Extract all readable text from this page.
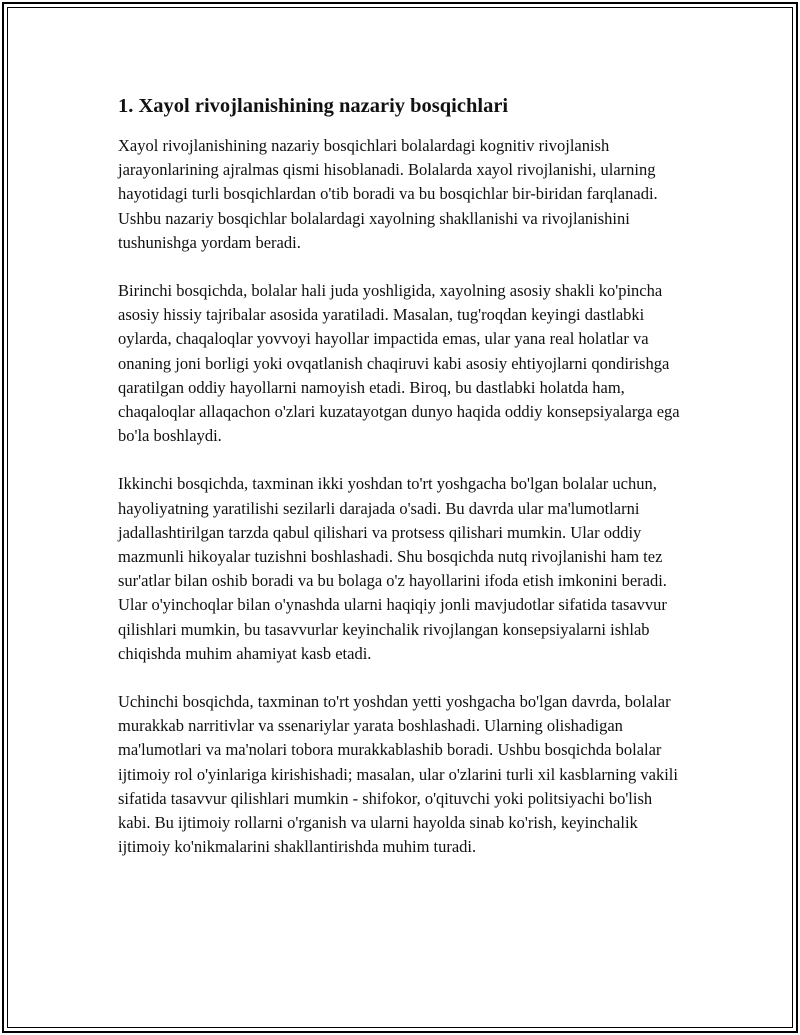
1. Xayol rivojlanishining nazariy bosqichlari

Xayol rivojlanishining nazariy bosqichlari bolalardagi kognitiv rivojlanish jarayonlarining ajralmas qismi hisoblanadi. Bolalarda xayol rivojlanishi, ularning hayotidagi turli bosqichlardan o'tib boradi va bu bosqichlar bir-biridan farqlanadi. Ushbu nazariy bosqichlar bolalardagi xayolning shakllanishi va rivojlanishini tushunishga yordam beradi.

Birinchi bosqichda, bolalar hali juda yoshligida, xayolning asosiy shakli ko'pincha asosiy hissiy tajribalar asosida yaratiladi. Masalan, tug'roqdan keyingi dastlabki oylarda, chaqaloqlar yovvoyi hayollar impactida emas, ular yana real holatlar va onaning joni borligi yoki ovqatlanish chaqiruvi kabi asosiy ehtiyojlarni qondirishga qaratilgan oddiy hayollarni namoyish etadi. Biroq, bu dastlabki holatda ham, chaqaloqlar allaqachon o'zlari kuzatayotgan dunyo haqida oddiy konsepsiyalarga ega bo'la boshlaydi.

Ikkinchi bosqichda, taxminan ikki yoshdan to'rt yoshgacha bo'lgan bolalar uchun, hayoliyatning yaratilishi sezilarli darajada o'sadi. Bu davrda ular ma'lumotlarni jadallashtirilgan tarzda qabul qilishari va protsess qilishari mumkin. Ular oddiy mazmunli hikoyalar tuzishni boshlashadi. Shu bosqichda nutq rivojlanishi ham tez sur'atlar bilan oshib boradi va bu bolaga o'z hayollarini ifoda etish imkonini beradi. Ular o'yinchoqlar bilan o'ynashda ularni haqiqiy jonli mavjudotlar sifatida tasavvur qilishlari mumkin, bu tasavvurlar keyinchalik rivojlangan konsepsiyalarni ishlab chiqishda muhim ahamiyat kasb etadi.

Uchinchi bosqichda, taxminan to'rt yoshdan yetti yoshgacha bo'lgan davrda, bolalar murakkab narritivlar va ssenariylar yarata boshlashadi. Ularning olishadigan ma'lumotlari va ma'nolari tobora murakkablashib boradi. Ushbu bosqichda bolalar ijtimoiy rol o'yinlariga kirishishadi; masalan, ular o'zlarini turli xil kasblarning vakili sifatida tasavvur qilishlari mumkin - shifokor, o'qituvchi yoki politsiyachi bo'lish kabi. Bu ijtimoiy rollarni o'rganish va ularni hayolda sinab ko'rish, keyinchalik ijtimoiy ko'nikmalarini shakllantirishda muhim turadi.
